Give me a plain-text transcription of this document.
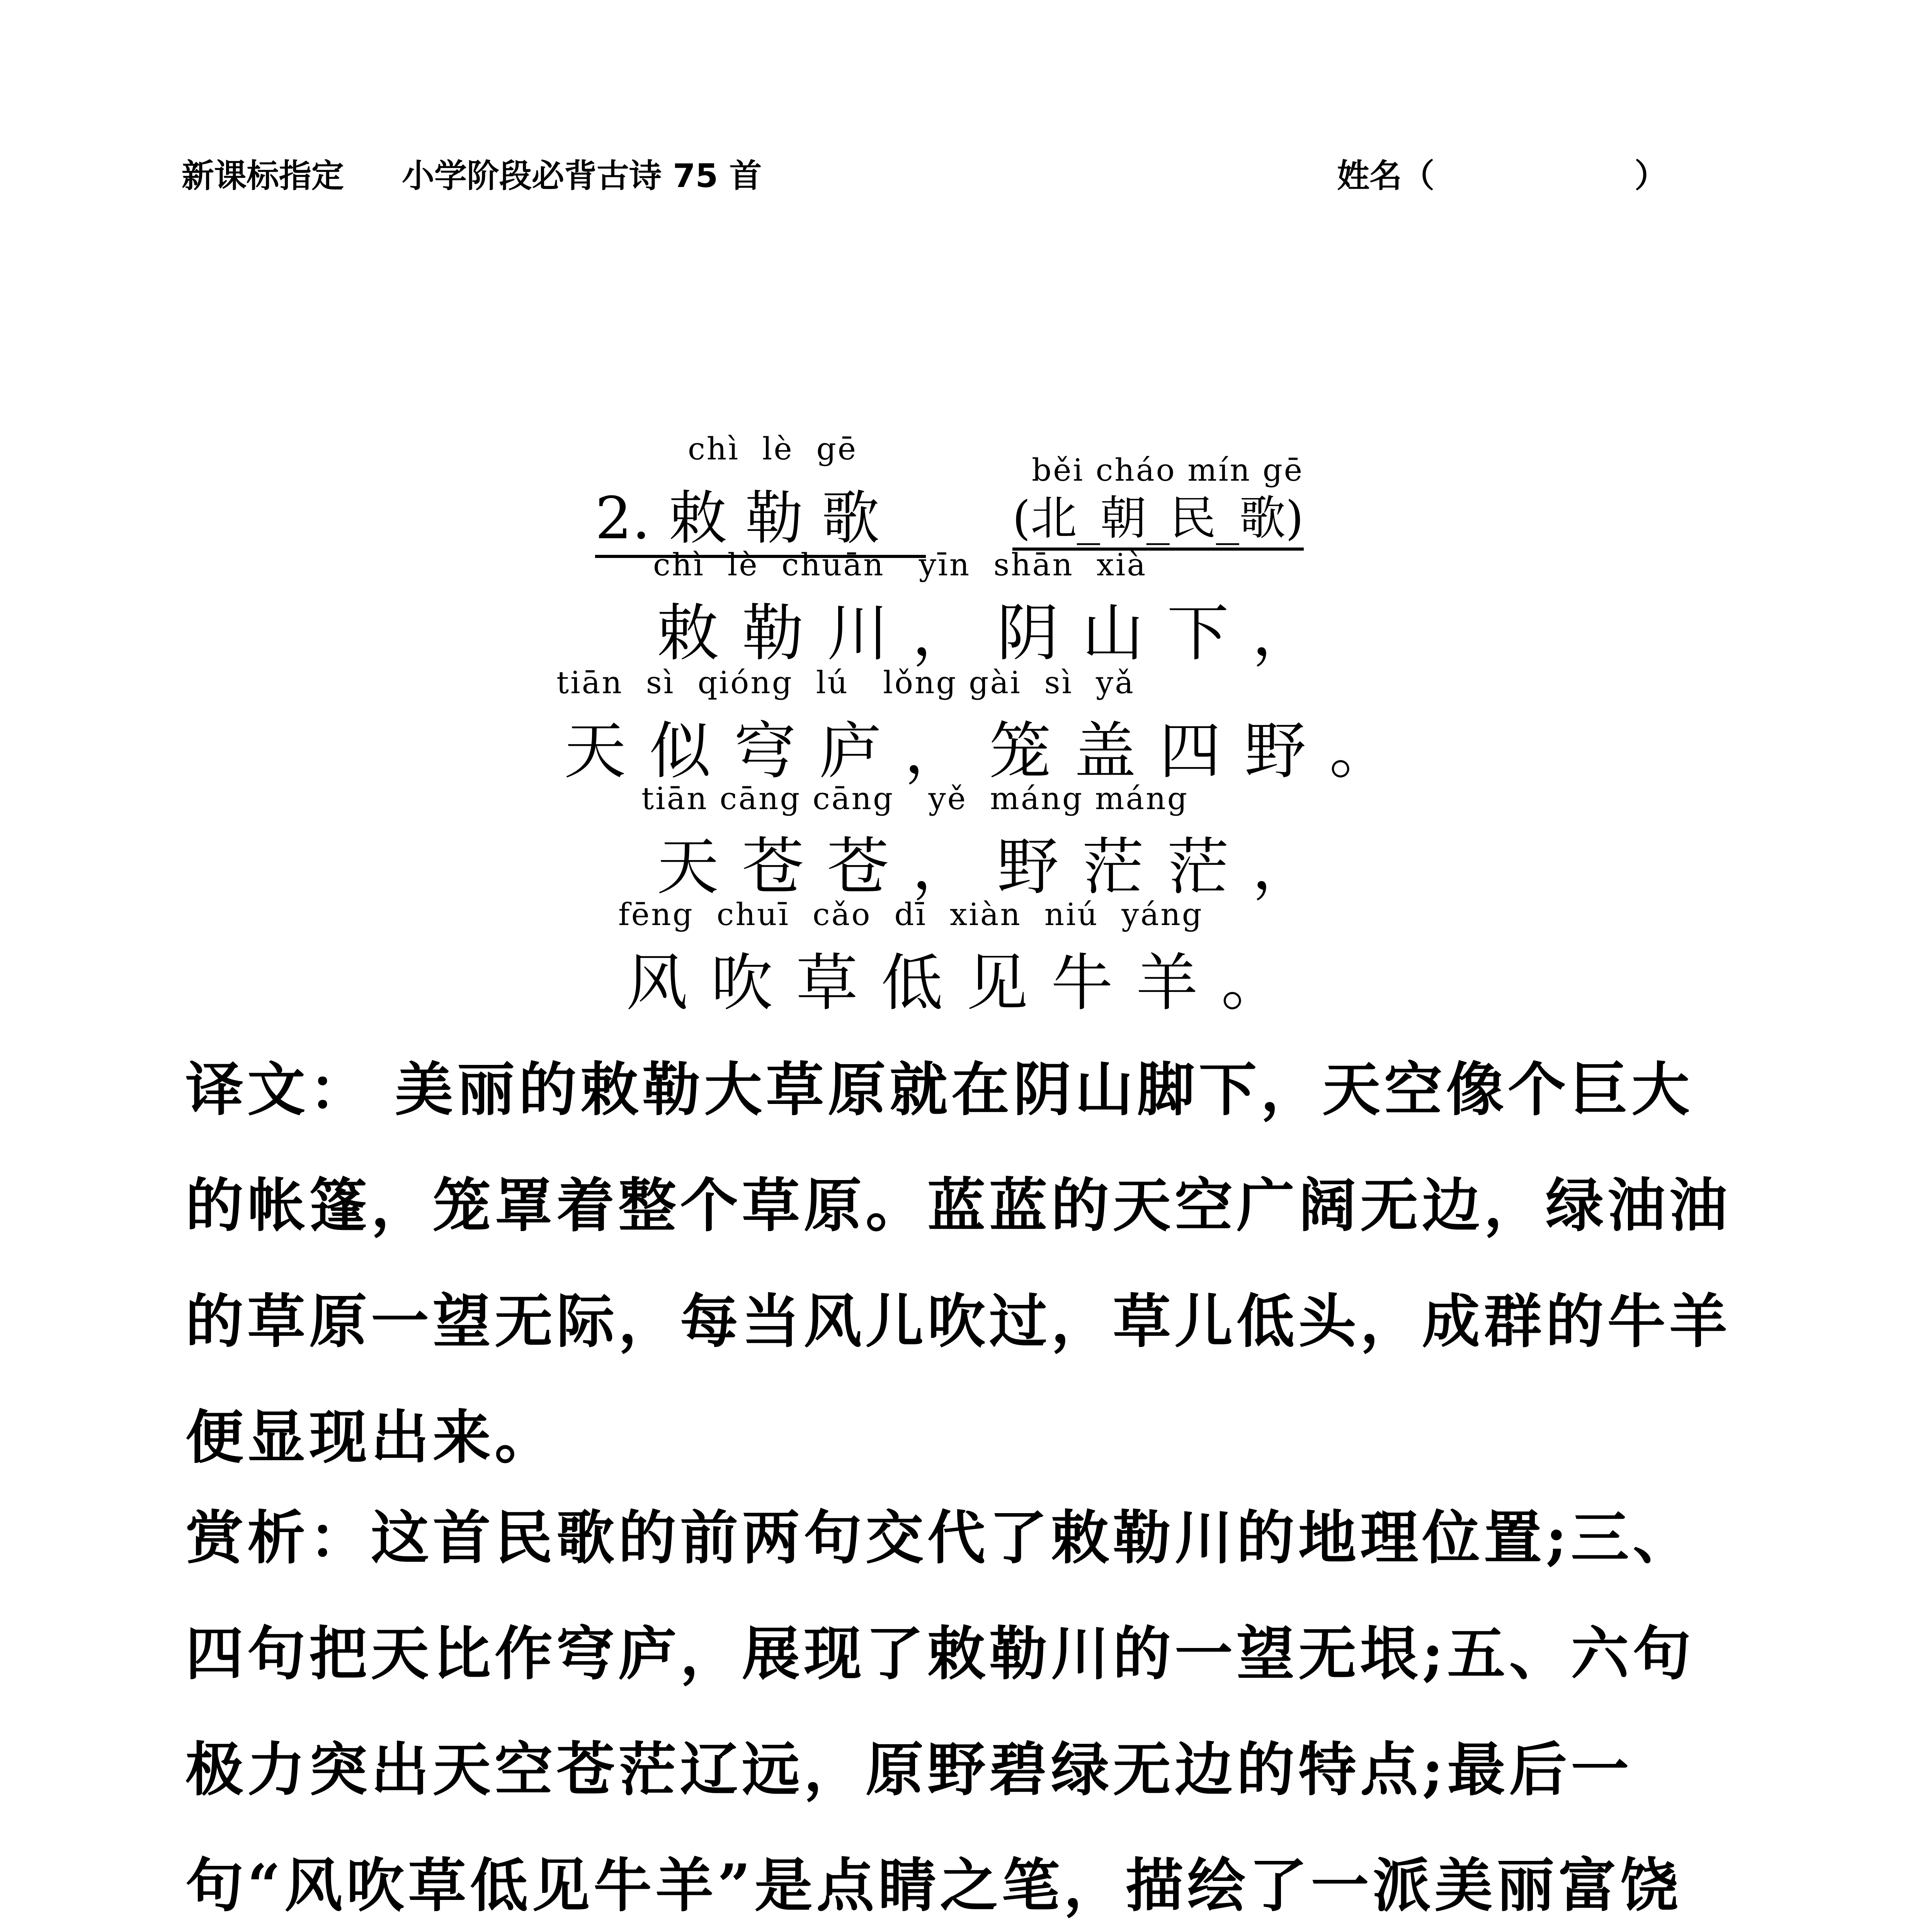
新课标指定 小学阶段必背古诗 75 首	姓名（	）
chì  lè  gē
běi cháo mín gē
2. 敕 勒 歌	(北_朝_民_歌)
chì  lè  chuān   yīn  shān  xià
敕勒川，阴山下，
tiān  sì  qióng  lú   lǒng gài  sì  yǎ
天似穹庐，笼盖四野。
tiān cāng cāng   yě  máng máng
天苍苍，野茫茫，
fēng  chuī  cǎo  dī  xiàn  niú  yáng
风吹草低见牛羊。
译文： 美丽的敕勒大草原就在阴山脚下，天空像个巨大的帐篷，笼罩着整个草原。蓝蓝的天空广阔无边，绿油油的草原一望无际，每当风儿吹过，草儿低头，成群的牛羊便显现出来。
赏析：这首民歌的前两句交代了敕勒川的地理位置;三、四句把天比作穹庐，展现了敕勒川的一望无垠;五、六句极力突出天空苍茫辽远，原野碧绿无边的特点;最后一句“风吹草低见牛羊”是点睛之笔，描绘了一派美丽富饶
